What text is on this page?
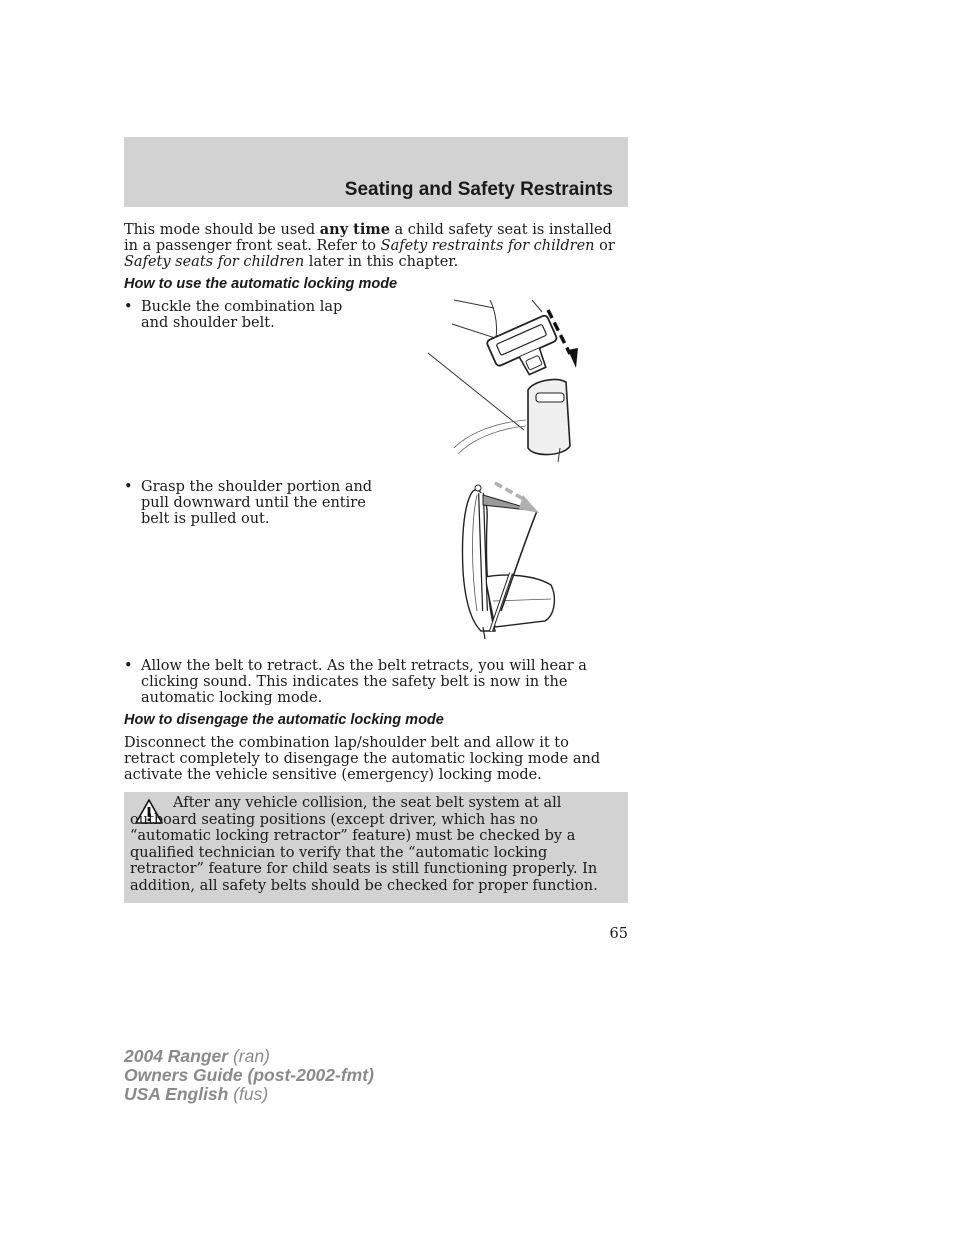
Seating and Safety Restraints

This mode should be used any time a child safety seat is installed in a passenger front seat. Refer to Safety restraints for children or Safety seats for children later in this chapter.

How to use the automatic locking mode
• Buckle the combination lap and shoulder belt.
• Grasp the shoulder portion and pull downward until the entire belt is pulled out.
• Allow the belt to retract. As the belt retracts, you will hear a clicking sound. This indicates the safety belt is now in the automatic locking mode.
How to disengage the automatic locking mode

Disconnect the combination lap/shoulder belt and allow it to retract completely to disengage the automatic locking mode and activate the vehicle sensitive (emergency) locking mode.

After any vehicle collision, the seat belt system at all outboard seating positions (except driver, which has no “automatic locking retractor” feature) must be checked by a qualified technician to verify that the “automatic locking retractor” feature for child seats is still functioning properly. In addition, all safety belts should be checked for proper function.

65
2004 Ranger (ran)
Owners Guide (post-2002-fmt)
USA English (fus)
